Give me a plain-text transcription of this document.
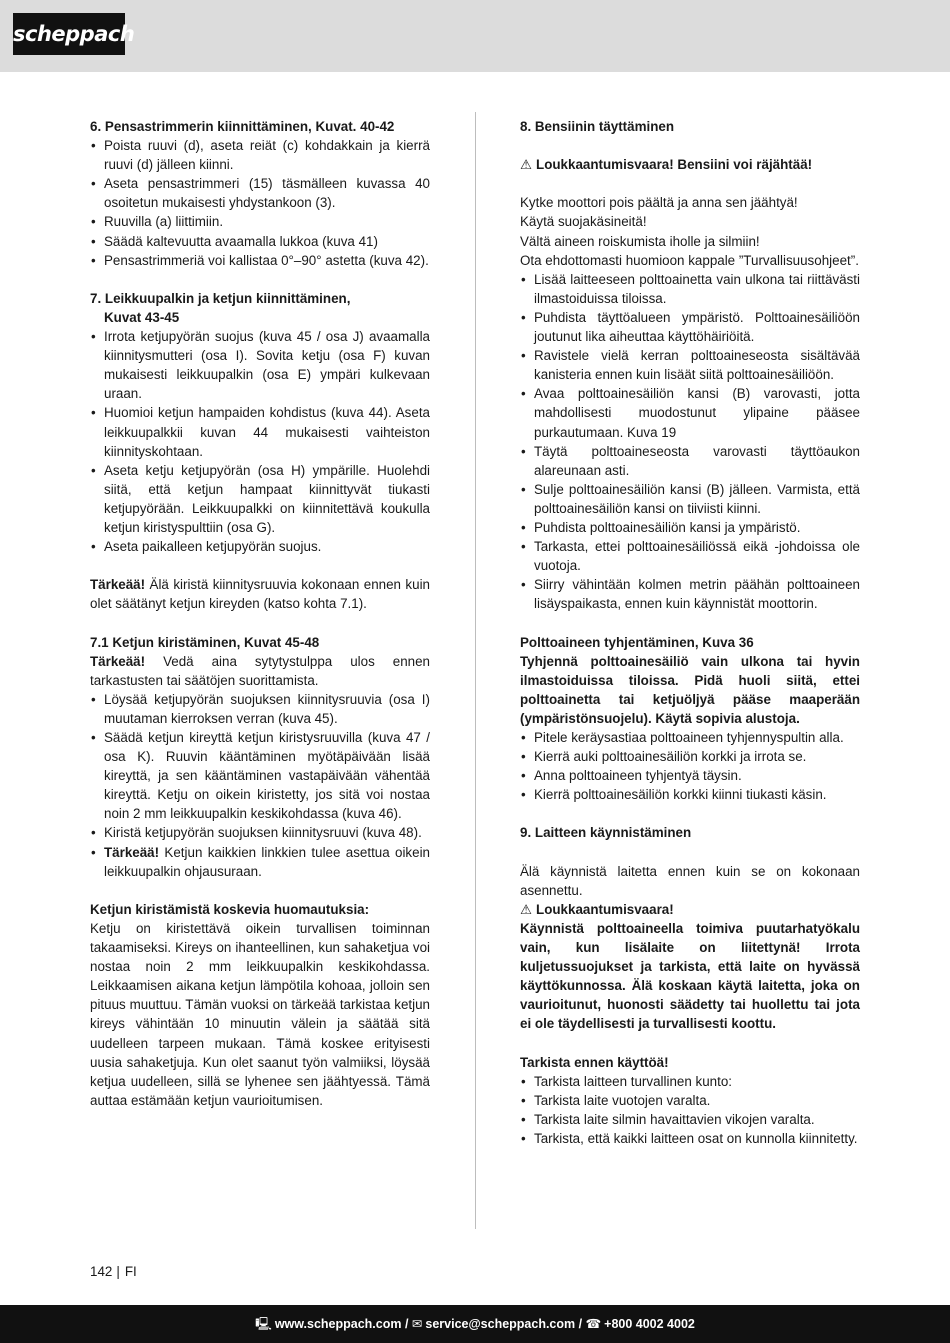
scheppach

6. Pensastrimmerin kiinnittäminen, Kuvat. 40-42

• Poista ruuvi (d), aseta reiät (c) kohdakkain ja kierrä ruuvi (d) jälleen kiinni.
• Aseta pensastrimmeri (15) täsmälleen kuvassa 40 osoitetun mukaisesti yhdystankoon (3).
• Ruuvilla (a) liittimiin.
• Säädä kaltevuutta avaamalla lukkoa (kuva 41)
• Pensastrimmeriä voi kallistaa 0°–90° astetta (kuva 42).

7. Leikkuupalkin ja ketjun kiinnittäminen,

Kuvat 43-45

• Irrota ketjupyörän suojus (kuva 45 / osa J) avaamalla kiinnitysmutteri (osa I). Sovita ketju (osa F) kuvan mukaisesti leikkuupalkin (osa E) ympäri kulkevaan uraan.
• Huomioi ketjun hampaiden kohdistus (kuva 44). Aseta leikkuupalkkii kuvan 44 mukaisesti vaihteiston kiinnityskohtaan.
• Aseta ketju ketjupyörän (osa H) ympärille. Huolehdi siitä, että ketjun hampaat kiinnittyvät tiukasti ketjupyörään. Leikkuupalkki on kiinnitettävä koukulla ketjun kiristyspulttiin (osa G).
• Aseta paikalleen ketjupyörän suojus.

Tärkeää! Älä kiristä kiinnitysruuvia kokonaan ennen kuin olet säätänyt ketjun kireyden (katso kohta 7.1).

7.1 Ketjun kiristäminen, Kuvat 45-48

Tärkeää! Vedä aina sytytystulppa ulos ennen tarkastusten tai säätöjen suorittamista.

• Löysää ketjupyörän suojuksen kiinnitysruuvia (osa I) muutaman kierroksen verran (kuva 45).
• Säädä ketjun kireyttä ketjun kiristysruuvilla (kuva 47 / osa K). Ruuvin kääntäminen myötäpäivään lisää kireyttä, ja sen kääntäminen vastapäivään vähentää kireyttä. Ketju on oikein kiristetty, jos sitä voi nostaa noin 2 mm leikkuupalkin keskikohdassa (kuva 46).
• Kiristä ketjupyörän suojuksen kiinnitysruuvi (kuva 48).
• Tärkeää! Ketjun kaikkien linkkien tulee asettua oikein leikkuupalkin ohjausuraan.

Ketjun kiristämistä koskevia huomautuksia:

Ketju on kiristettävä oikein turvallisen toiminnan takaamiseksi. Kireys on ihanteellinen, kun sahaketjua voi nostaa noin 2 mm leikkuupalkin keskikohdassa. Leikkaamisen aikana ketjun lämpötila kohoaa, jolloin sen pituus muuttuu. Tämän vuoksi on tärkeää tarkistaa ketjun kireys vähintään 10 minuutin välein ja säätää sitä uudelleen tarpeen mukaan. Tämä koskee erityisesti uusia sahaketjuja. Kun olet saanut työn valmiiksi, löysää ketjua uudelleen, sillä se lyhenee sen jäähtyessä. Tämä auttaa estämään ketjun vaurioitumisen.

8. Bensiinin täyttäminen

⚠ Loukkaantumisvaara! Bensiini voi räjähtää!

Kytke moottori pois päältä ja anna sen jäähtyä!

Käytä suojakäsineitä!

Vältä aineen roiskumista iholle ja silmiin!

Ota ehdottomasti huomioon kappale ”Turvallisuusohjeet”.

• Lisää laitteeseen polttoainetta vain ulkona tai riittävästi ilmastoiduissa tiloissa.
• Puhdista täyttöalueen ympäristö. Polttoainesäiliöön joutunut lika aiheuttaa käyttöhäiriöitä.
• Ravistele vielä kerran polttoaineseosta sisältävää kanisteria ennen kuin lisäät siitä polttoainesäiliöön.
• Avaa polttoainesäiliön kansi (B) varovasti, jotta mahdollisesti muodostunut ylipaine pääsee purkautumaan. Kuva 19
• Täytä polttoaineseosta varovasti täyttöaukon alareunaan asti.
• Sulje polttoainesäiliön kansi (B) jälleen. Varmista, että polttoainesäiliön kansi on tiiviisti kiinni.
• Puhdista polttoainesäiliön kansi ja ympäristö.
• Tarkasta, ettei polttoainesäiliössä eikä -johdoissa ole vuotoja.
• Siirry vähintään kolmen metrin päähän polttoaineen lisäyspaikasta, ennen kuin käynnistät moottorin.

Polttoaineen tyhjentäminen, Kuva 36

Tyhjennä polttoainesäiliö vain ulkona tai hyvin ilmastoiduissa tiloissa. Pidä huoli siitä, ettei polttoainetta tai ketjuöljyä pääse maaperään (ympäristönsuojelu). Käytä sopivia alustoja.

• Pitele keräysastiaa polttoaineen tyhjennyspultin alla.
• Kierrä auki polttoainesäiliön korkki ja irrota se.
• Anna polttoaineen tyhjentyä täysin.
• Kierrä polttoainesäiliön korkki kiinni tiukasti käsin.

9. Laitteen käynnistäminen

Älä käynnistä laitetta ennen kuin se on kokonaan asennettu.

⚠ Loukkaantumisvaara!

Käynnistä polttoaineella toimiva puutarhatyökalu vain, kun lisälaite on liitettynä! Irrota kuljetussuojukset ja tarkista, että laite on hyvässä käyttökunnossa. Älä koskaan käytä laitetta, joka on vaurioitunut, huonosti säädetty tai huollettu tai jota ei ole täydellisesti ja turvallisesti koottu.

Tarkista ennen käyttöä!

• Tarkista laitteen turvallinen kunto:
• Tarkista laite vuotojen varalta.
• Tarkista laite silmin havaittavien vikojen varalta.
• Tarkista, että kaikki laitteen osat on kunnolla kiinnitetty.
142 | FI
🖳 www.scheppach.com / ✉ service@scheppach.com / ☎ +800 4002 4002
